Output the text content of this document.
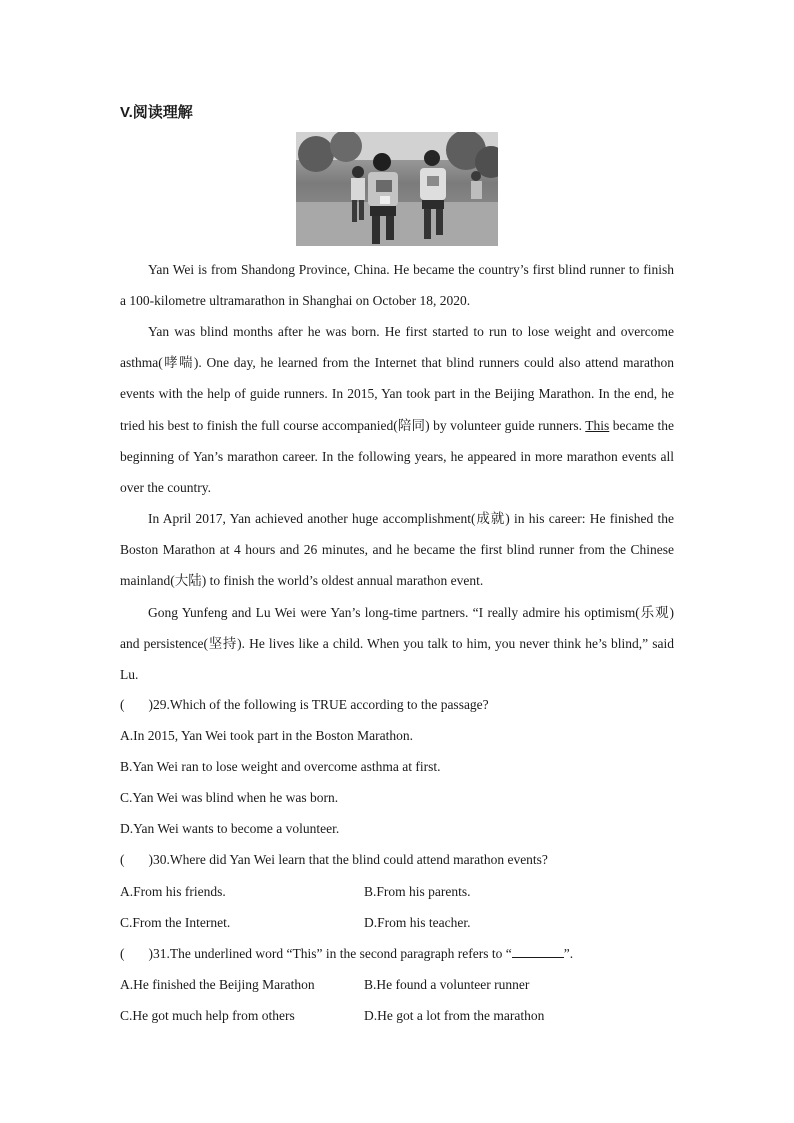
V.阅读理解

Yan Wei is from Shandong Province, China. He became the country’s first blind runner to finish a 100-kilometre ultramarathon in Shanghai on October 18, 2020.

Yan was blind months after he was born. He first started to run to lose weight and overcome asthma(哮喘). One day, he learned from the Internet that blind runners could also attend marathon events with the help of guide runners. In 2015, Yan took part in the Beijing Marathon. In the end, he tried his best to finish the full course accompanied(陪同) by volunteer guide runners. This became the beginning of Yan’s marathon career. In the following years, he appeared in more marathon events all over the country.

In April 2017, Yan achieved another huge accomplishment(成就) in his career: He finished the Boston Marathon at 4 hours and 26 minutes, and he became the first blind runner from the Chinese mainland(大陆) to finish the world’s oldest annual marathon event.

Gong Yunfeng and Lu Wei were Yan’s long-time partners. “I really admire his optimism(乐观) and persistence(坚持). He lives like a child. When you talk to him, you never think he’s blind,” said Lu.

( )29.Which of the following is TRUE according to the passage?
A.In 2015, Yan Wei took part in the Boston Marathon.
B.Yan Wei ran to lose weight and overcome asthma at first.
C.Yan Wei was blind when he was born.
D.Yan Wei wants to become a volunteer.
( )30.Where did Yan Wei learn that the blind could attend marathon events?
A.From his friends.	B.From his parents.
C.From the Internet.	D.From his teacher.
( )31.The underlined word “This” in the second paragraph refers to “	”.
A.He finished the Beijing Marathon	B.He found a volunteer runner
C.He got much help from others	D.He got a lot from the marathon
